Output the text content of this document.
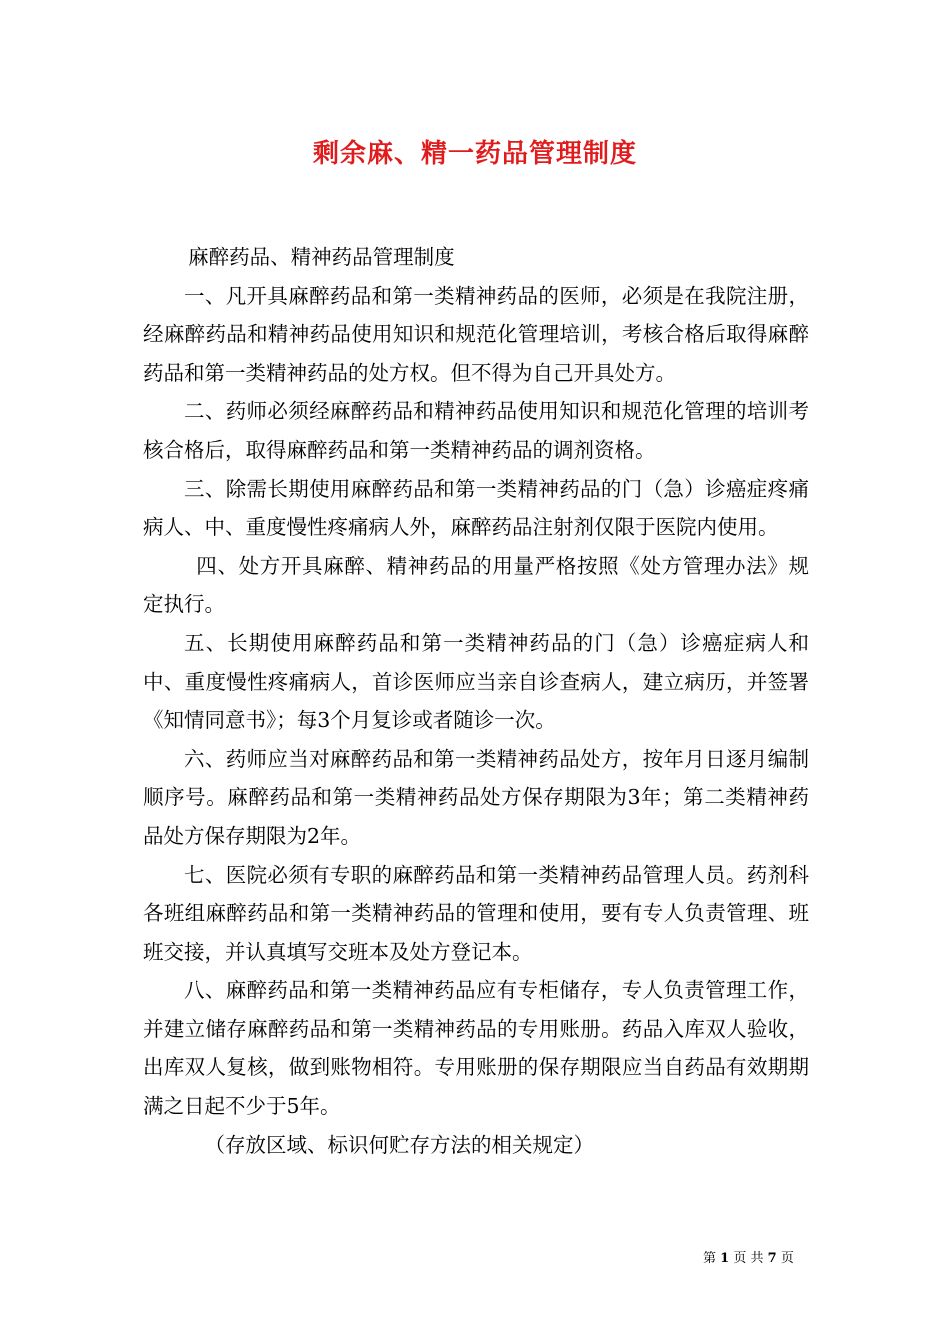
剩余麻、精一药品管理制度

麻醉药品、精神药品管理制度

一、凡开具麻醉药品和第一类精神药品的医师，必须是在我院注册，经麻醉药品和精神药品使用知识和规范化管理培训，考核合格后取得麻醉药品和第一类精神药品的处方权。但不得为自己开具处方。

二、药师必须经麻醉药品和精神药品使用知识和规范化管理的培训考核合格后，取得麻醉药品和第一类精神药品的调剂资格。

三、除需长期使用麻醉药品和第一类精神药品的门（急）诊癌症疼痛病人、中、重度慢性疼痛病人外，麻醉药品注射剂仅限于医院内使用。

四、处方开具麻醉、精神药品的用量严格按照《处方管理办法》规定执行。

五、长期使用麻醉药品和第一类精神药品的门（急）诊癌症病人和中、重度慢性疼痛病人，首诊医师应当亲自诊查病人，建立病历，并签署《知情同意书》；每3个月复诊或者随诊一次。

六、药师应当对麻醉药品和第一类精神药品处方，按年月日逐月编制顺序号。麻醉药品和第一类精神药品处方保存期限为3年；第二类精神药品处方保存期限为2年。

七、医院必须有专职的麻醉药品和第一类精神药品管理人员。药剂科各班组麻醉药品和第一类精神药品的管理和使用，要有专人负责管理、班班交接，并认真填写交班本及处方登记本。

八、麻醉药品和第一类精神药品应有专柜储存，专人负责管理工作，并建立储存麻醉药品和第一类精神药品的专用账册。药品入库双人验收，出库双人复核，做到账物相符。专用账册的保存期限应当自药品有效期期满之日起不少于5年。

（存放区域、标识何贮存方法的相关规定）

第 1 页 共 7 页
